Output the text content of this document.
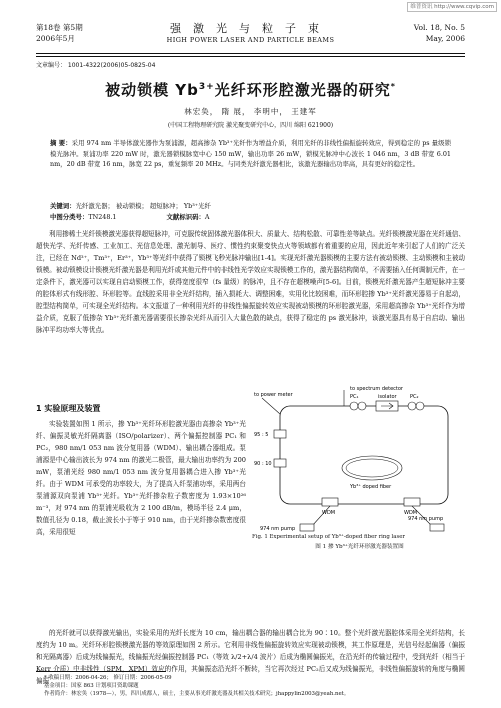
维普资讯 http://www.cqvip.com
第18卷 第5期
2006年5月
强激光与粒子束
HIGH POWER LASER AND PARTICLE BEAMS
Vol. 18, No. 5
May, 2006
文章编号： 1001-4322(2006)05-0825-04
被动锁模 $Yb^{3+}$光纤环形腔激光器的研究*
林宏奂， 隋 展， 李明中， 王建军
(中国工程物理研究院 激光聚变研究中心，四川 绵阳 621900)
摘 要：采用 974 nm 半导体激光器作为泵浦源，超高掺杂 Yb³⁺光纤作为增益介质，利用光纤的非线性偏振旋转效应，得到稳定的 ps 量级锁模光脉冲。泵浦功率 220 mW 时，激光器锁模脉宽中心 150 mW，输出功率 26 mW，锁模光脉冲中心波长 1 046 nm，3 dB 带宽 6.01 nm，20 dB 带宽 16 nm，脉宽 22 ps，重复频率 20 MHz。与同类光纤激光器相比，该激光器输出功率高，具有更好的稳定性。
关键词：光纤激光器； 被动锁模； 超短脉冲； Yb³⁺光纤
中图分类号：TN248.1	文献标识码：A
利用掺稀土光纤锁模激光器获得超短脉冲，可克服传统固体激光器体积大、质量大、结构松散、可靠性差等缺点。光纤锁模激光器在光纤通信、超快光学、光纤传感、工业加工、光信息处理、激光制导、医疗、惯性约束聚变快点火等领域都有着重要的应用，因此近年来引起了人们的广泛关注，已经在 Nd³⁺，Tm³⁺，Er³⁺，Yb³⁺等光纤中获得了锁模飞秒光脉冲输出[1-4]。实现光纤激光器锁模的主要方法有被动锁模、主动锁模和主被动锁模。被动锁模设计锁模光纤激光器是利用光纤或其他元件中的非线性光学效应实现锁模工作的，激光器结构简单，不需要插入任何调制元件，在一定条件下，激光器可以实现自启动锁模工作，获得宽度很窄（fs 量级）的脉冲，且不存在超模噪声[5-6]。目前，锁模光纤激光器产生超短脉冲主要的腔体形式有线形腔、环形腔等。直线腔采用非全光纤结构，插入损耗大、调整困难，实用化比较困难，而环形腔掺 Yb³⁺光纤激光器易于自起动，腔型结构简单，可实现全光纤结构。本文报道了一种利用光纤的非线性偏振旋转效应实现被动锁模的环形腔激光器，采用超高掺杂 Yb³⁺光纤作为增益介质，克服了低掺杂 Yb³⁺光纤激光器需要很长掺杂光纤从而引入大量色散的缺点，获得了稳定的 ps 激光脉冲，该激光器具有易于自启动、输出脉冲平均功率大等优点。
1 实验原理及装置
实验装置如图 1 所示，掺 Yb³⁺光纤环形腔激光器由高掺杂 Yb³⁺光纤、偏振灵敏光纤隔离器（ISO/polarizer）、两个偏振控制器 PC₁ 和 PC₂，980 nm/1 053 nm 波分复用器（WDM）、输出耦合器组成。泵浦源是中心输出波长为 974 nm 的激光二极管，最大输出功率约为 200 mW，泵浦光经 980 nm/1 053 nm 波分复用器耦合进入掺 Yb³⁺光纤。由于 WDM 可承受的功率较大，为了提高入纤泵浦功率，采用两台泵浦源双向泵浦 Yb³⁺光纤。Yb³⁺光纤掺杂粒子数密度为 1.93×10²⁶ m⁻³，对 974 nm 的泵浦光吸收为 2 100 dB/m，模场半径 2.4 μm，数值孔径为 0.18，截止波长小于等于 910 nm，由于光纤掺杂数密度很高，采用很短
to spectrum detector
to power meter	PC₁	isolator	PC₂
95 : 5
90 : 10
Yb³⁺ doped fiber
WDM	WDM
974 nm pump
974 nm pump
Fig. 1 Experimental setup of Yb³⁺-doped fiber ring laser
图 1 掺 Yb³⁺光纤环形激光器装置图
的光纤就可以获得激光输出，实验采用的光纤长度为 10 cm，输出耦合器的输出耦合比为 90∶10。整个光纤激光器腔体采用全光纤结构，长度约为 10 m。光纤环形腔锁模激光器的等效原理如图 2 所示。它利用非线性偏振旋转效应实现被动锁模，其工作原理是，光信号经起偏器（偏振和光隔离器）后成为线偏振光，线偏振光经偏振控制器 PC₁（等效 λ/2+λ/4 波片）后成为椭圆偏振光，在沿光纤的传输过程中，受到光纤（相当于 Kerr 介质）中非线性（SPM，XPM）效应的作用，其偏振态沿光纤不断转，当它再次经过 PC₂后又成为线偏振光，非线性偏振旋转的角度与椭圆偏振
* 收稿日期：2006-04-26； 修订日期：2006-05-09
基金项目：国家 863 计划项目资助课题
作者简介：林宏奂（1978—），男，四川成都人，硕士，主要从事光纤激光器及其相关技术研究；jhappylin2003@yeah.net。
